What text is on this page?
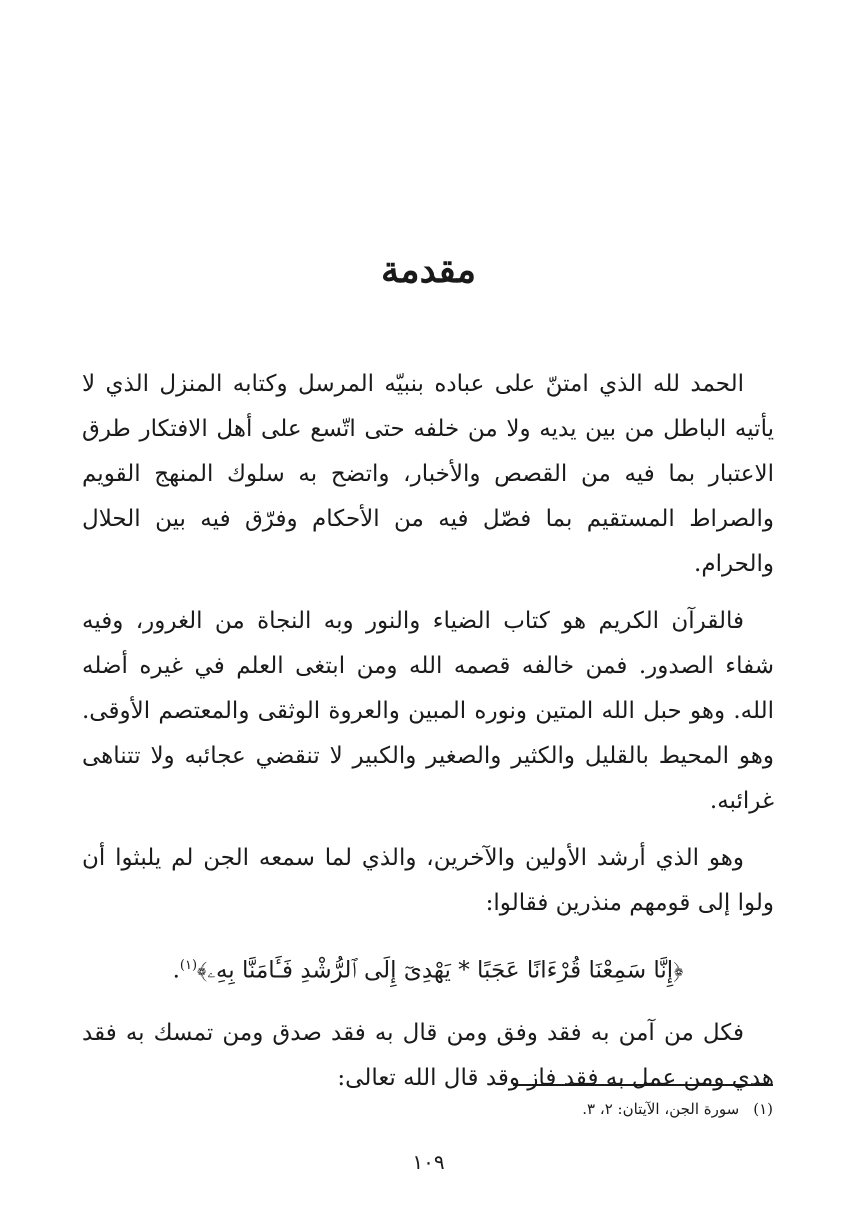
مقدمة

الحمد لله الذي امتنّ على عباده بنبيّه المرسل وكتابه المنزل الذي لا يأتيه الباطل من بين يديه ولا من خلفه حتى اتّسع على أهل الافتكار طرق الاعتبار بما فيه من القصص والأخبار، واتضح به سلوك المنهج القويم والصراط المستقيم بما فصّل فيه من الأحكام وفرّق فيه بين الحلال والحرام.

فالقرآن الكريم هو كتاب الضياء والنور وبه النجاة من الغرور، وفيه شفاء الصدور. فمن خالفه قصمه الله ومن ابتغى العلم في غيره أضله الله. وهو حبل الله المتين ونوره المبين والعروة الوثقى والمعتصم الأوقى. وهو المحيط بالقليل والكثير والصغير والكبير لا تنقضي عجائبه ولا تتناهى غرائبه.

وهو الذي أرشد الأولين والآخرين، والذي لما سمعه الجن لم يلبثوا أن ولوا إلى قومهم منذرين فقالوا:

﴿إِنَّا سَمِعْنَا قُرْءَانًا عَجَبًا * يَهْدِىٓ إِلَى ٱلرُّشْدِ فَـَٔامَنَّا بِهِۦ﴾$^{(١)}$.

فكل من آمن به فقد وفق ومن قال به فقد صدق ومن تمسك به فقد هدي ومن عمل به فقد فاز وقد قال الله تعالى:

(١)سورة الجن، الآيتان: ٢، ٣.
١٠٩
